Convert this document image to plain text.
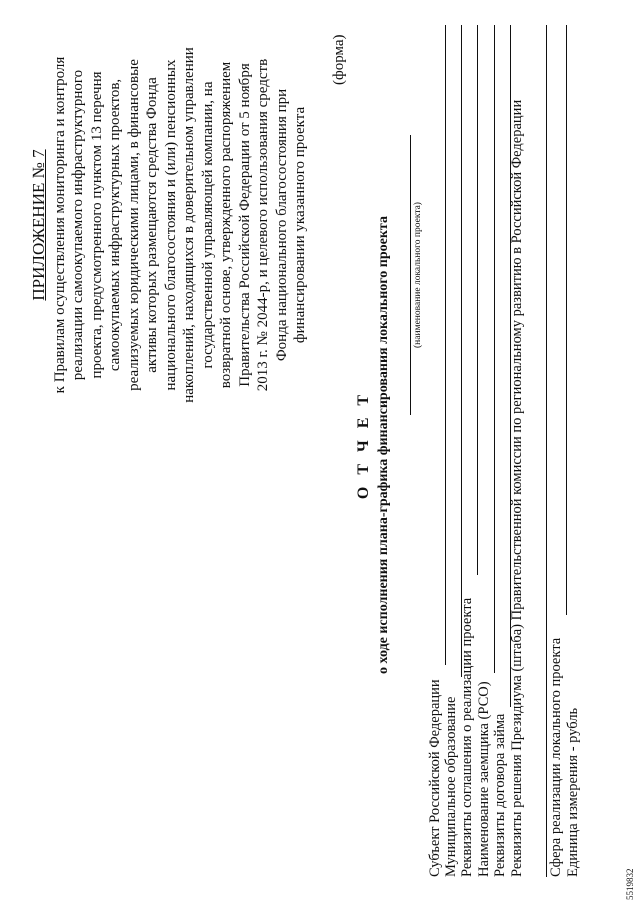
ПРИЛОЖЕНИЕ № 7 к Правилам осуществления мониторинга и контроля реализации самоокупаемого инфраструктурного проекта, предусмотренного пунктом 13 перечня самоокупаемых инфраструктурных проектов, реализуемых юридическими лицами, в финансовые активы которых размещаются средства Фонда национального благосостояния и (или) пенсионных накоплений, находящихся в доверительном управлении государственной управляющей компании, на возвратной основе, утвержденного распоряжением Правительства Российской Федерации от 5 ноября 2013 г. № 2044-р, и целевого использования средств Фонда национального благосостояния при финансировании указанного проекта
(форма)
(наименование локального проекта)
О Т Ч Е Т о ходе исполнения плана-графика финансирования локального проекта
Субъект Российской Федерации Муниципальное образование Реквизиты соглашения о реализации проекта Наименование заемщика (РСО) Реквизиты договора займа Реквизиты решения Президиума (штаба) Правительственной комиссии по региональному развитию в Российской Федерации Сфера реализации локального проекта Единица измерения - рубль
5519832
